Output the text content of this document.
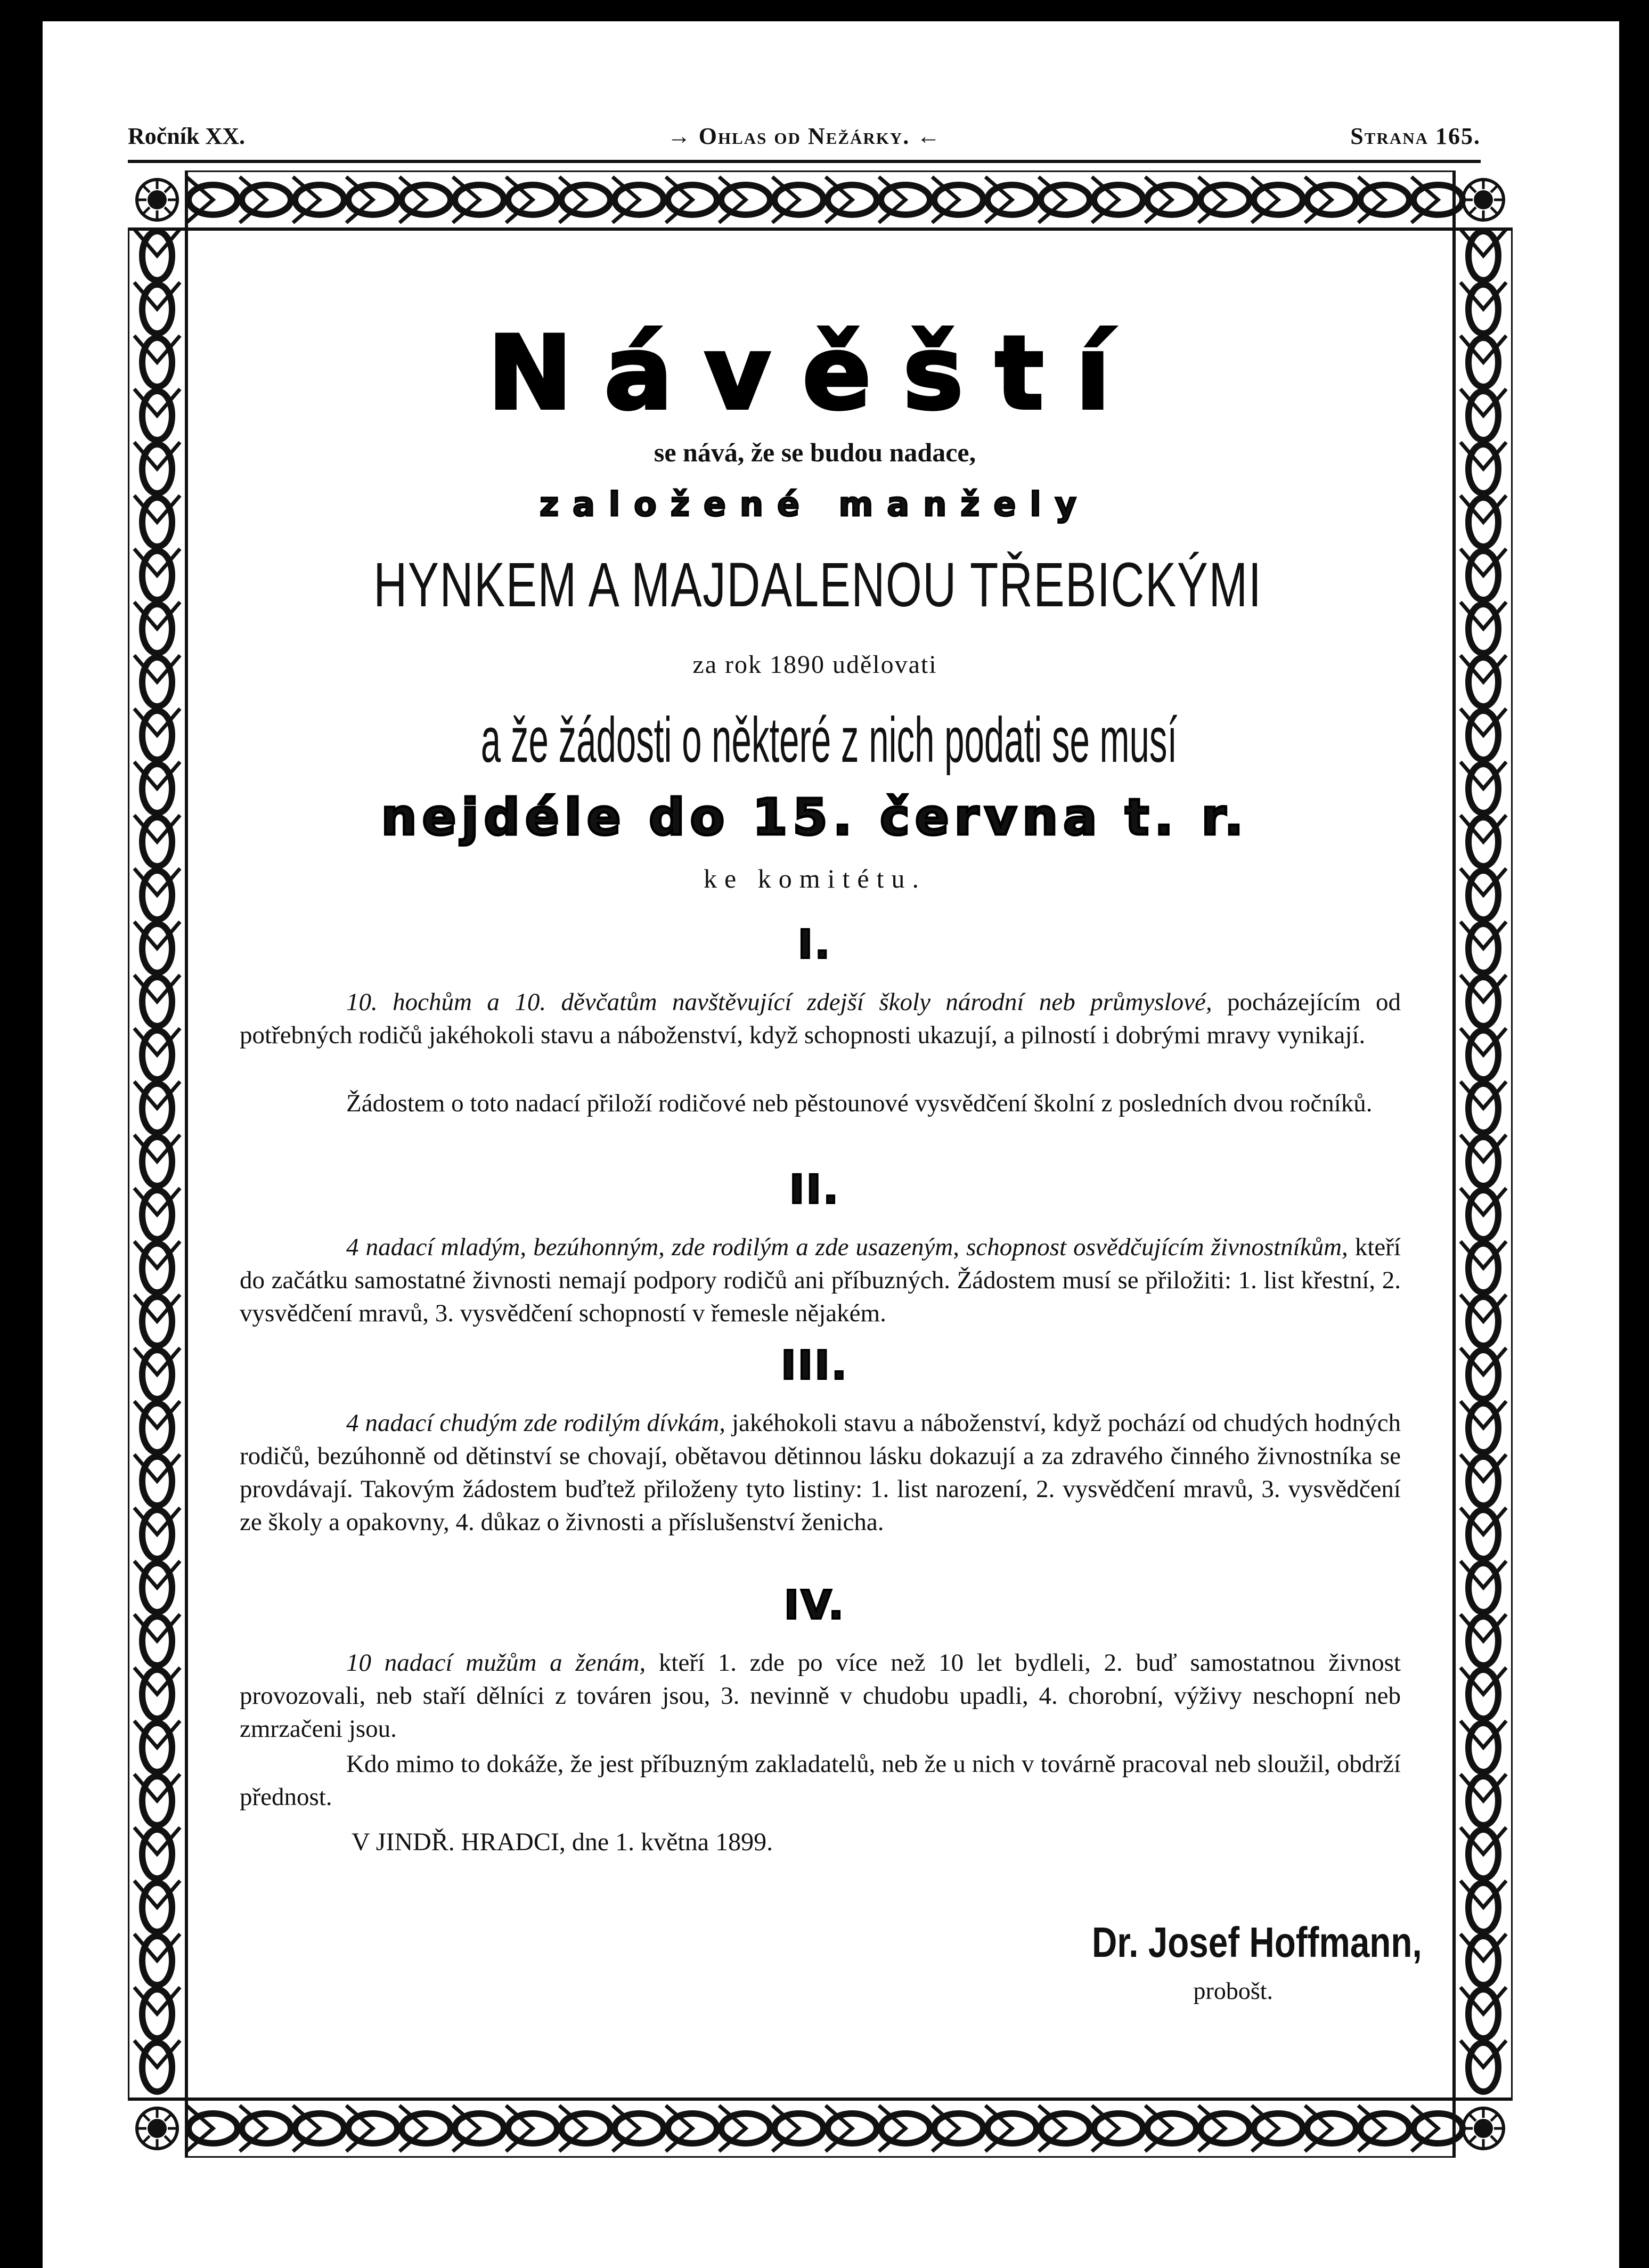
Ročník XX.	→ Ohlas od Nežárky. ←	Strana 165.
Návěští
se nává, že se budou nadace,
založené manžely
HYNKEM A MAJDALENOU TŘEBICKÝMI
za rok 1890 udělovati
a že žádosti o některé z nich podati se musí
nejdéle do 15. června t. r.
ke komitétu.
I.
10. hochům a 10. děvčatům navštěvující zdejší školy národní neb průmyslové, pocházejícím od potřebných rodičů jakéhokoli stavu a náboženství, když schopnosti ukazují, a pilností i dobrými mravy vynikají.
Žádostem o toto nadací přiloží rodičové neb pěstounové vysvědčení školní z posledních dvou ročníků.
II.
4 nadací mladým, bezúhonným, zde rodilým a zde usazeným, schopnost osvědčujícím živnostníkům, kteří do začátku samostatné živnosti nemají podpory rodičů ani příbuzných. Žádostem musí se přiložiti: 1. list křestní, 2. vysvědčení mravů, 3. vysvědčení schopností v řemesle nějakém.
III.
4 nadací chudým zde rodilým dívkám, jakéhokoli stavu a náboženství, když pochází od chudých hodných rodičů, bezúhonně od dětinství se chovají, obětavou dětinnou lásku dokazují a za zdravého činného živnostníka se provdávají. Takovým žádostem buďtež přiloženy tyto listiny: 1. list narození, 2. vysvědčení mravů, 3. vysvědčení ze školy a opakovny, 4. důkaz o živnosti a příslušenství ženicha.
IV.
10 nadací mužům a ženám, kteří 1. zde po více než 10 let bydleli, 2. buď samostatnou živnost provozovali, neb staří dělníci z továren jsou, 3. nevinně v chudobu upadli, 4. chorobní, výživy neschopní neb zmrzačeni jsou.
Kdo mimo to dokáže, že jest příbuzným zakladatelů, neb že u nich v továrně pracoval neb sloužil, obdrží přednost.
V JINDŘ. HRADCI, dne 1. května 1899.
Dr. Josef Hoffmann,
probošt.
